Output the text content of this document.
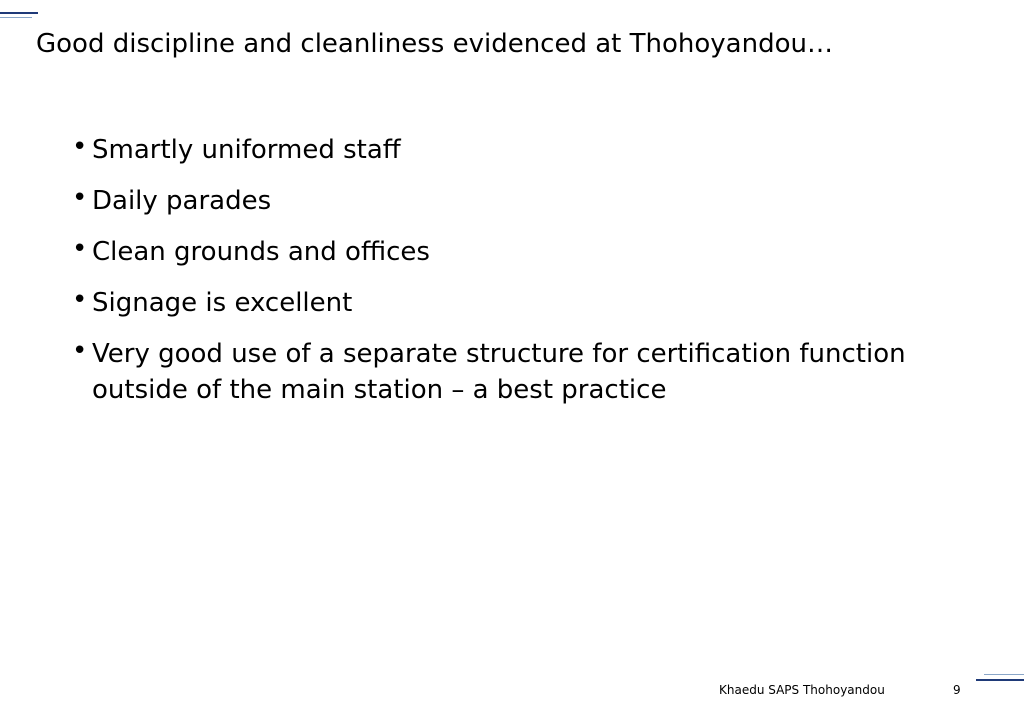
Good discipline and cleanliness evidenced at Thohoyandou…
• Smartly uniformed staff
• Daily parades
• Clean grounds and offices
• Signage is excellent
• Very good use of a separate structure for certification function outside of the main station – a best practice
Khaedu SAPS Thohoyandou	9
